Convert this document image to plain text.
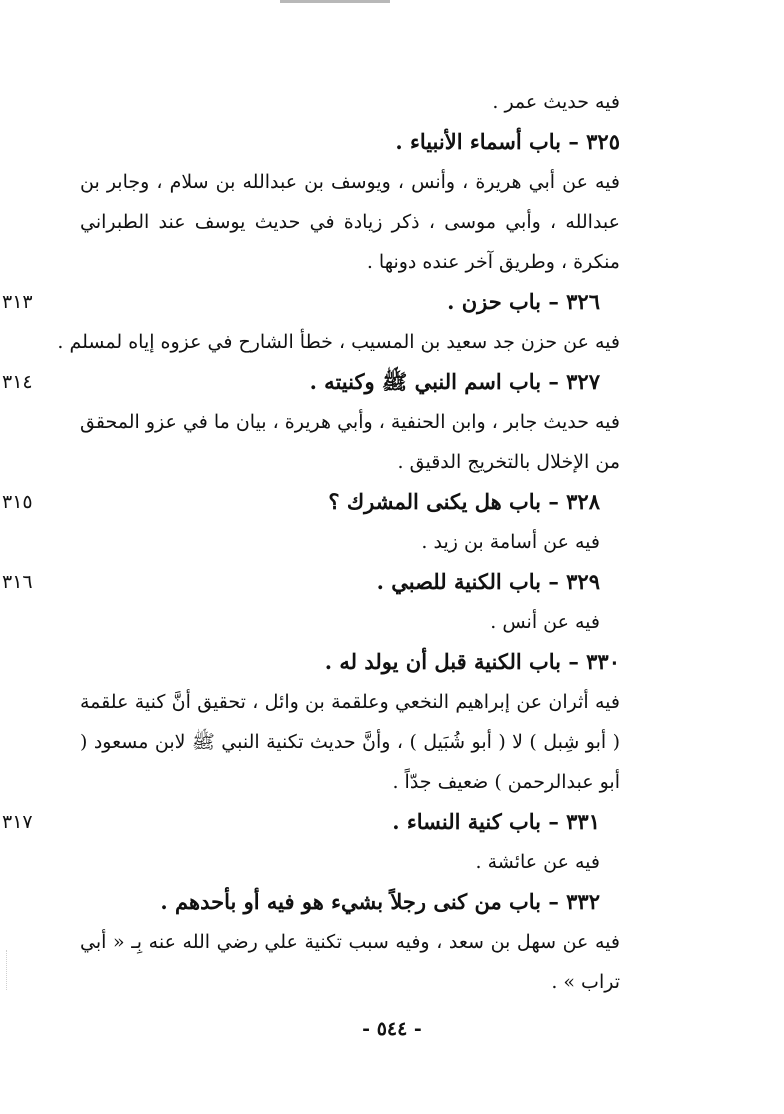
فيه حديث عمر .
٣٢٥ – باب أسماء الأنبياء .
فيه عن أبي هريرة ، وأنس ، ويوسف بن عبدالله بن سلام ، وجابر بن عبدالله ، وأبي موسى ، ذكر زيادة في حديث يوسف عند الطبراني منكرة ، وطريق آخر عنده دونها .
٣٢٦ – باب حزن .
٣١٣
فيه عن حزن جد سعيد بن المسيب ، خطأ الشارح في عزوه إياه لمسلم .
٣٢٧ – باب اسم النبي ﷺ وكنيته .
٣١٤
فيه حديث جابر ، وابن الحنفية ، وأبي هريرة ، بيان ما في عزو المحقق من الإخلال بالتخريج الدقيق .
٣٢٨ – باب هل يكنى المشرك ؟
٣١٥
فيه عن أسامة بن زيد .
٣٢٩ – باب الكنية للصبي .
٣١٦
فيه عن أنس .
٣٣٠ – باب الكنية قبل أن يولد له .
فيه أثران عن إبراهيم النخعي وعلقمة بن وائل ، تحقيق أنَّ كنية علقمة ( أبو شِبل ) لا ( أبو شُبَيل ) ، وأنَّ حديث تكنية النبي ﷺ لابن مسعود ( أبو عبدالرحمن ) ضعيف جدّاً .
٣٣١ – باب كنية النساء .
٣١٧
فيه عن عائشة .
٣٣٢ – باب من كنى رجلاً بشيء هو فيه أو بأحدهم .
فيه عن سهل بن سعد ، وفيه سبب تكنية علي رضي الله عنه بِـ « أبي تراب » .
- ٥٤٤ -
